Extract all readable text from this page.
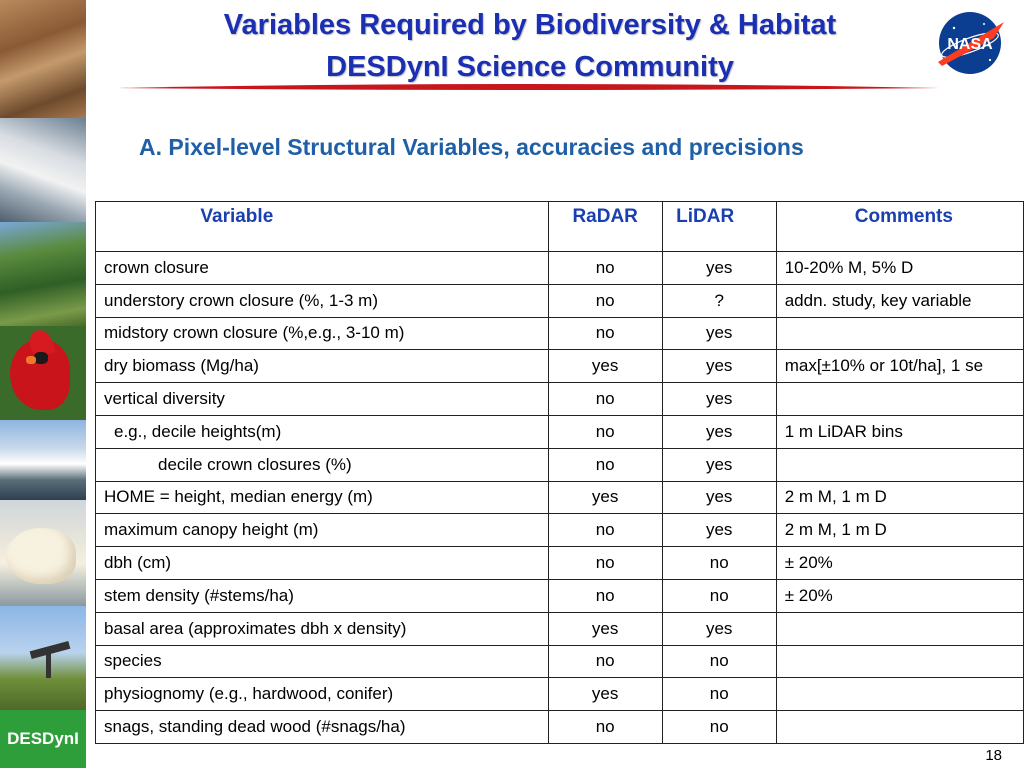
DESDynI
Variables Required by Biodiversity & Habitat
DESDynI Science Community
NASA
A. Pixel-level Structural Variables, accuracies and precisions
Variable	RaDAR	LiDAR	Comments
crown closure	no	yes	10-20% M, 5% D
understory crown closure (%, 1-3 m)	no	?	addn. study, key variable
midstory crown closure (%,e.g., 3-10 m)	no	yes	
dry biomass (Mg/ha)	yes	yes	max[±10% or 10t/ha], 1 se
vertical diversity	no	yes	
e.g., decile heights(m)	no	yes	1 m LiDAR bins
decile crown closures (%)	no	yes	
HOME = height, median energy (m)	yes	yes	2 m M, 1 m D
maximum canopy height (m)	no	yes	2 m M, 1 m D
dbh (cm)	no	no	± 20%
stem density (#stems/ha)	no	no	± 20%
basal area (approximates dbh x density)	yes	yes	
species	no	no	
physiognomy (e.g., hardwood, conifer)	yes	no	
snags, standing dead wood (#snags/ha)	no	no	
18
